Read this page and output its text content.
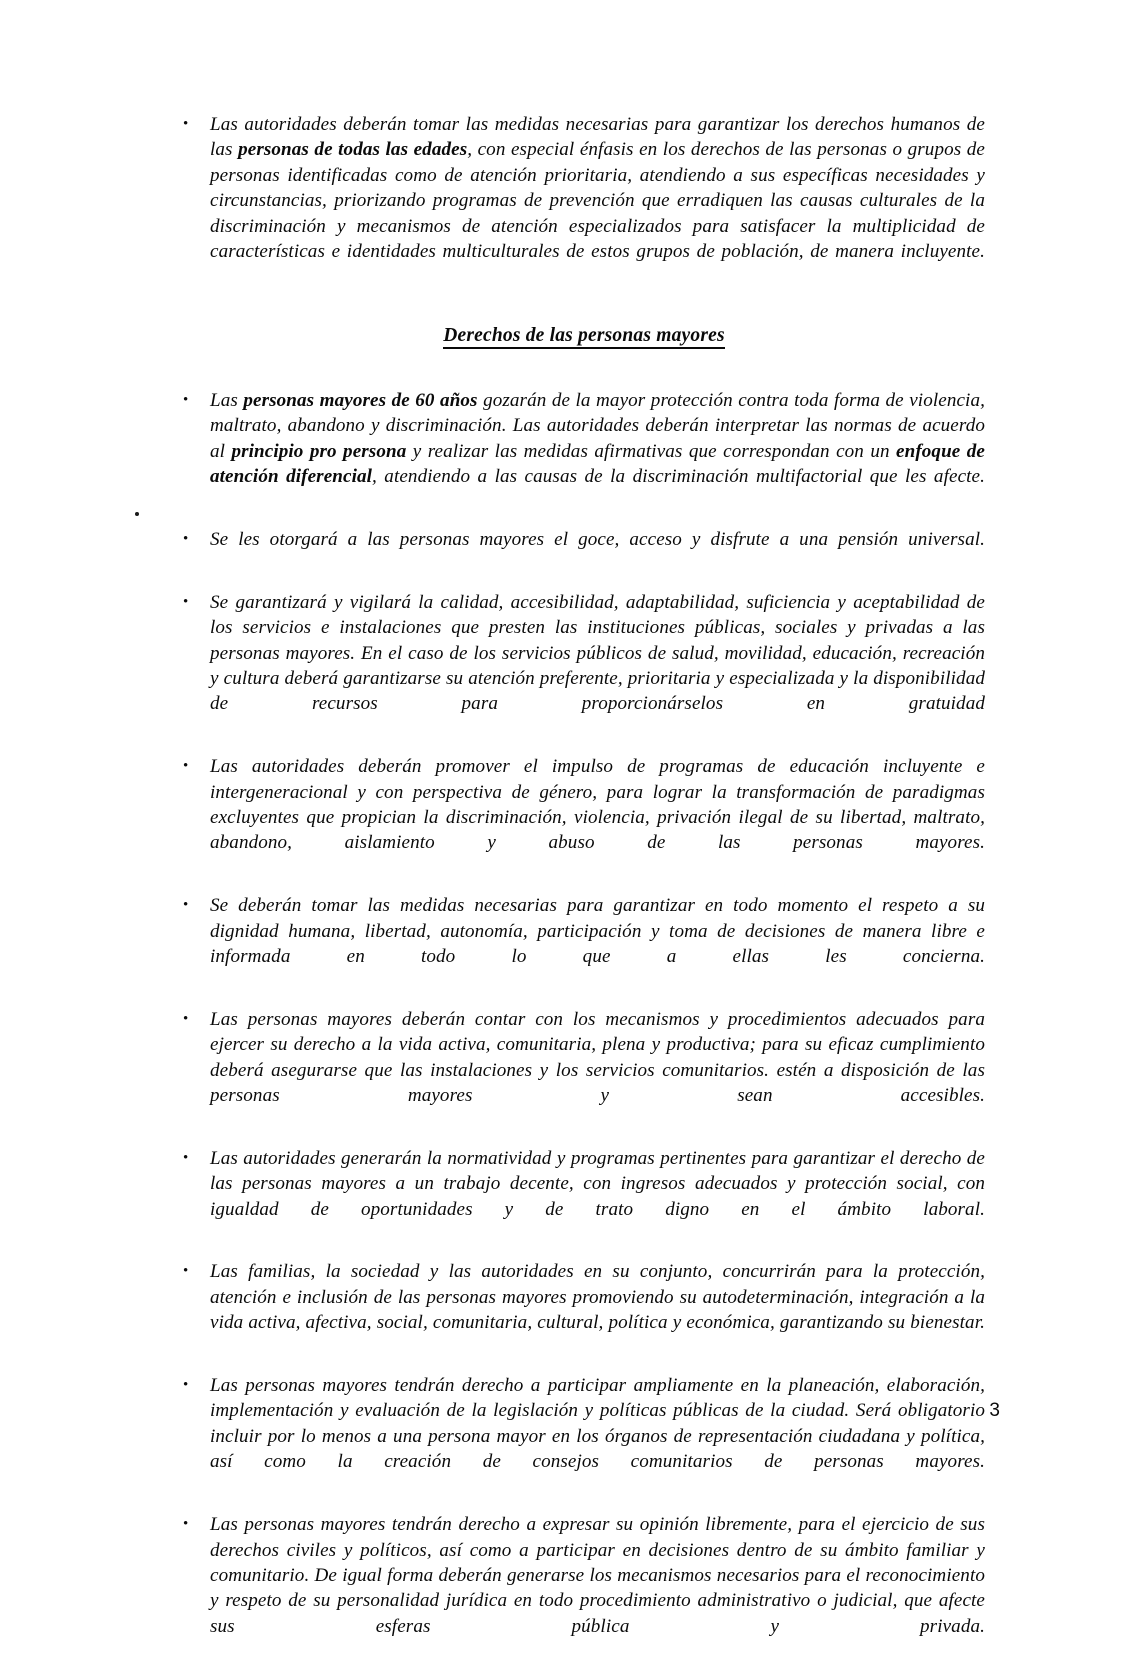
•	Las autoridades deberán tomar las medidas necesarias para garantizar los derechos humanos de las personas de todas las edades, con especial énfasis en los derechos de las personas o grupos de personas identificadas como de atención prioritaria, atendiendo a sus específicas necesidades y circunstancias, priorizando programas de prevención que erradiquen las causas culturales de la discriminación y mecanismos de atención especializados para satisfacer la multiplicidad de características e identidades multiculturales de estos grupos de población, de manera incluyente.
Derechos de las personas mayores
•	Las personas mayores de 60 años gozarán de la mayor protección contra toda forma de violencia, maltrato, abandono y discriminación. Las autoridades deberán interpretar las normas de acuerdo al principio pro persona y realizar las medidas afirmativas que correspondan con un enfoque de atención diferencial, atendiendo a las causas de la discriminación multifactorial que les afecte.
•	Se les otorgará a las personas mayores el goce, acceso y disfrute a una pensión universal.
•	Se garantizará y vigilará la calidad, accesibilidad, adaptabilidad, suficiencia y aceptabilidad de los servicios e instalaciones que presten las instituciones públicas, sociales y privadas a las personas mayores. En el caso de los servicios públicos de salud, movilidad, educación, recreación y cultura deberá garantizarse su atención preferente, prioritaria y especializada y la disponibilidad de recursos para proporcionárselos en gratuidad
•	Las autoridades deberán promover el impulso de programas de educación incluyente e intergeneracional y con perspectiva de género, para lograr la transformación de paradigmas excluyentes que propician la discriminación, violencia, privación ilegal de su libertad, maltrato, abandono, aislamiento y abuso de las personas mayores.
•	Se deberán tomar las medidas necesarias para garantizar en todo momento el respeto a su dignidad humana, libertad, autonomía, participación y toma de decisiones de manera libre e informada en todo lo que a ellas les concierna.
•	Las personas mayores deberán contar con los mecanismos y procedimientos adecuados para ejercer su derecho a la vida activa, comunitaria, plena y productiva; para su eficaz cumplimiento deberá asegurarse que las instalaciones y los servicios comunitarios. estén a disposición de las personas mayores y sean accesibles.
•	Las autoridades generarán la normatividad y programas pertinentes para garantizar el derecho de las personas mayores a un trabajo decente, con ingresos adecuados y protección social, con igualdad de oportunidades y de trato digno en el ámbito laboral.
•	Las familias, la sociedad y las autoridades en su conjunto, concurrirán para la protección, atención e inclusión de las personas mayores promoviendo su autodeterminación, integración a la vida activa, afectiva, social, comunitaria, cultural, política y económica, garantizando su bienestar.
•	Las personas mayores tendrán derecho a participar ampliamente en la planeación, elaboración, implementación y evaluación de la legislación y políticas públicas de la ciudad. Será obligatorio incluir por lo menos a una persona mayor en los órganos de representación ciudadana y política, así como la creación de consejos comunitarios de personas mayores.
•	Las personas mayores tendrán derecho a expresar su opinión libremente, para el ejercicio de sus derechos civiles y políticos, así como a participar en decisiones dentro de su ámbito familiar y comunitario. De igual forma deberán generarse los mecanismos necesarios para el reconocimiento y respeto de su personalidad jurídica en todo procedimiento administrativo o judicial, que afecte sus esferas pública y privada.
3
